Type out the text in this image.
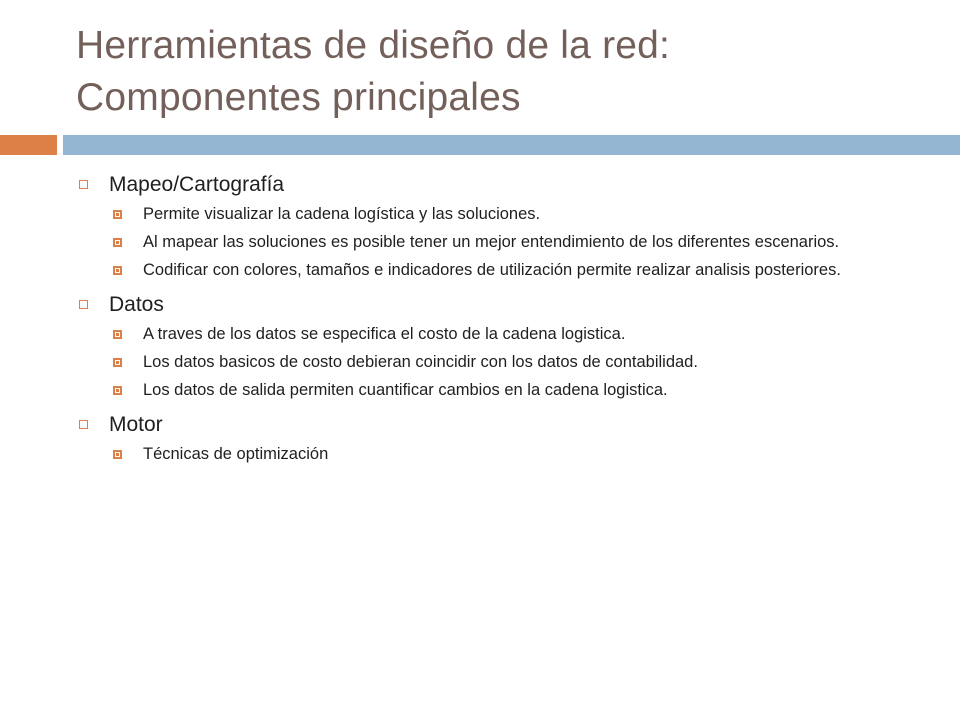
Herramientas de diseño de la red:
Componentes principales
Mapeo/Cartografía
Permite visualizar la cadena logística y las soluciones.
Al mapear las soluciones es posible tener un mejor entendimiento de los diferentes escenarios.
Codificar con colores, tamaños e indicadores de utilización permite realizar analisis posteriores.
Datos
A traves de los datos se especifica el costo de la cadena logistica.
Los datos basicos de costo debieran coincidir con los datos de contabilidad.
Los datos de salida permiten cuantificar cambios en la cadena logistica.
Motor
Técnicas de optimización
